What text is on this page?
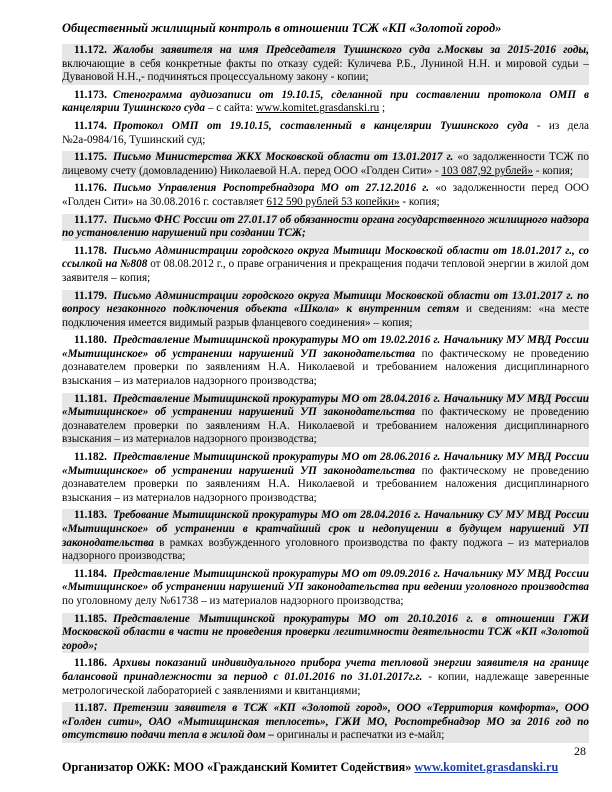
Общественный жилищный контроль в отношении ТСЖ «КП «Золотой город»
11.172. Жалобы заявителя на имя Председателя Тушинского суда г.Москвы за 2015-2016 годы, включающие в себя конкретные факты по отказу судей: Куличева Р.Б., Луниной Н.Н. и мировой судьи – Дувановой Н.Н.,- подчиняться процессуальному закону - копии;
11.173. Стенограмма аудиозаписи от 19.10.15, сделанной при составлении протокола ОМП в канцелярии Тушинского суда – с сайта: www.komitet.grasdanski.ru ;
11.174. Протокол ОМП от 19.10.15, составленный в канцелярии Тушинского суда - из дела №2а-0984/16, Тушинский суд;
11.175. Письмо Министерства ЖКХ Московской области от 13.01.2017 г. «о задолженности ТСЖ по лицевому счету (домовладению) Николаевой Н.А. перед ООО «Голден Сити» - 103 087,92 рублей» - копия;
11.176. Письмо Управления Роспотребнадзора МО от 27.12.2016 г. «о задолженности перед ООО «Голден Сити» на 30.08.2016 г. составляет 612 590 рублей 53 копейки» - копия;
11.177. Письмо ФНС России от 27.01.17 об обязанности органа государственного жилищного надзора по установлению нарушений при создании ТСЖ;
11.178. Письмо Администрации городского округа Мытищи Московской области от 18.01.2017 г., со ссылкой на №808 от 08.08.2012 г., о праве ограничения и прекращения подачи тепловой энергии в жилой дом заявителя – копия;
11.179. Письмо Администрации городского округа Мытищи Московской области от 13.01.2017 г. по вопросу незаконного подключения объекта «Школа» к внутренним сетям и сведениям: «на месте подключения имеется видимый разрыв фланцевого соединения» – копия;
11.180. Представление Мытищинской прокуратуры МО от 19.02.2016 г. Начальнику МУ МВД России «Мытищинское» об устранении нарушений УП законодательства по фактическому не проведению дознавателем проверки по заявлениям Н.А. Николаевой и требованием наложения дисциплинарного взыскания – из материалов надзорного производства;
11.181. Представление Мытищинской прокуратуры МО от 28.04.2016 г. Начальнику МУ МВД России «Мытищинское» об устранении нарушений УП законодательства по фактическому не проведению дознавателем проверки по заявлениям Н.А. Николаевой и требованием наложения дисциплинарного взыскания – из материалов надзорного производства;
11.182. Представление Мытищинской прокуратуры МО от 28.06.2016 г. Начальнику МУ МВД России «Мытищинское» об устранении нарушений УП законодательства по фактическому не проведению дознавателем проверки по заявлениям Н.А. Николаевой и требованием наложения дисциплинарного взыскания – из материалов надзорного производства;
11.183. Требование Мытищинской прокуратуры МО от 28.04.2016 г. Начальнику СУ МУ МВД России «Мытищинское» об устранении в кратчайший срок и недопущении в будущем нарушений УП законодательства в рамках возбужденного уголовного производства по факту поджога – из материалов надзорного производства;
11.184. Представление Мытищинской прокуратуры МО от 09.09.2016 г. Начальнику МУ МВД России «Мытищинское» об устранении нарушений УП законодательства при ведении уголовного производства по уголовному делу №61738 – из материалов надзорного производства;
11.185. Представление Мытищинской прокуратуры МО от 20.10.2016 г. в отношении ГЖИ Московской области в части не проведения проверки легитимности деятельности ТСЖ «КП «Золотой город»;
11.186. Архивы показаний индивидуального прибора учета тепловой энергии заявителя на границе балансовой принадлежности за период с 01.01.2016 по 31.01.2017г.г. - копии, надлежаще заверенные метрологической лабораторией с заявлениями и квитанциями;
11.187. Претензии заявителя в ТСЖ «КП «Золотой город», ООО «Территория комфорта», ООО «Голден сити», ОАО «Мытищинская теплосеть», ГЖИ МО, Роспотребнадзор МО за 2016 год по отсутствию подачи тепла в жилой дом – оригиналы и распечатки из е-майл;
28
Организатор ОЖК: МОО «Гражданский Комитет Содействия» www.komitet.grasdanski.ru
